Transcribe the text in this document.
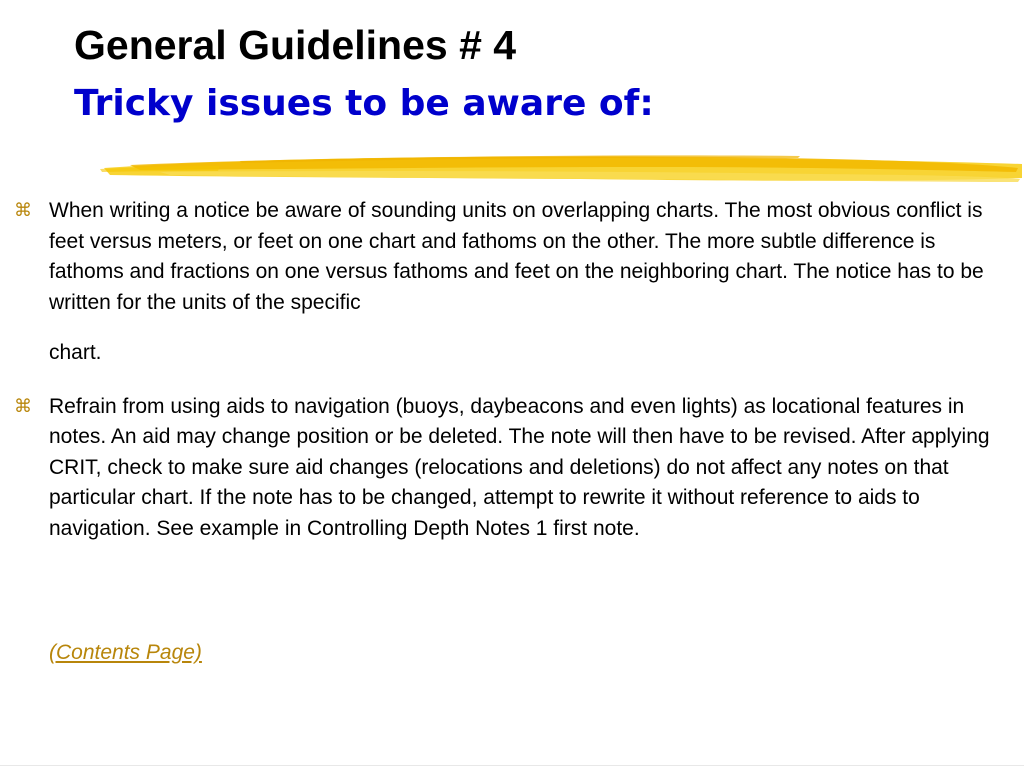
General Guidelines # 4
Tricky issues to be aware of:
⌘ When writing a notice be aware of sounding units on overlapping charts. The most obvious conflict is feet versus meters, or feet on one chart and fathoms on the other. The more subtle difference is fathoms and fractions on one versus fathoms and feet on the neighboring chart. The notice has to be written for the units of the specific
chart.
⌘ Refrain from using aids to navigation (buoys, daybeacons and even lights) as locational features in notes. An aid may change position or be deleted. The note will then have to be revised. After applying CRIT, check to make sure aid changes (relocations and deletions) do not affect any notes on that particular chart. If the note has to be changed, attempt to rewrite it without reference to aids to navigation. See example in Controlling Depth Notes 1 first note.
(Contents Page)
